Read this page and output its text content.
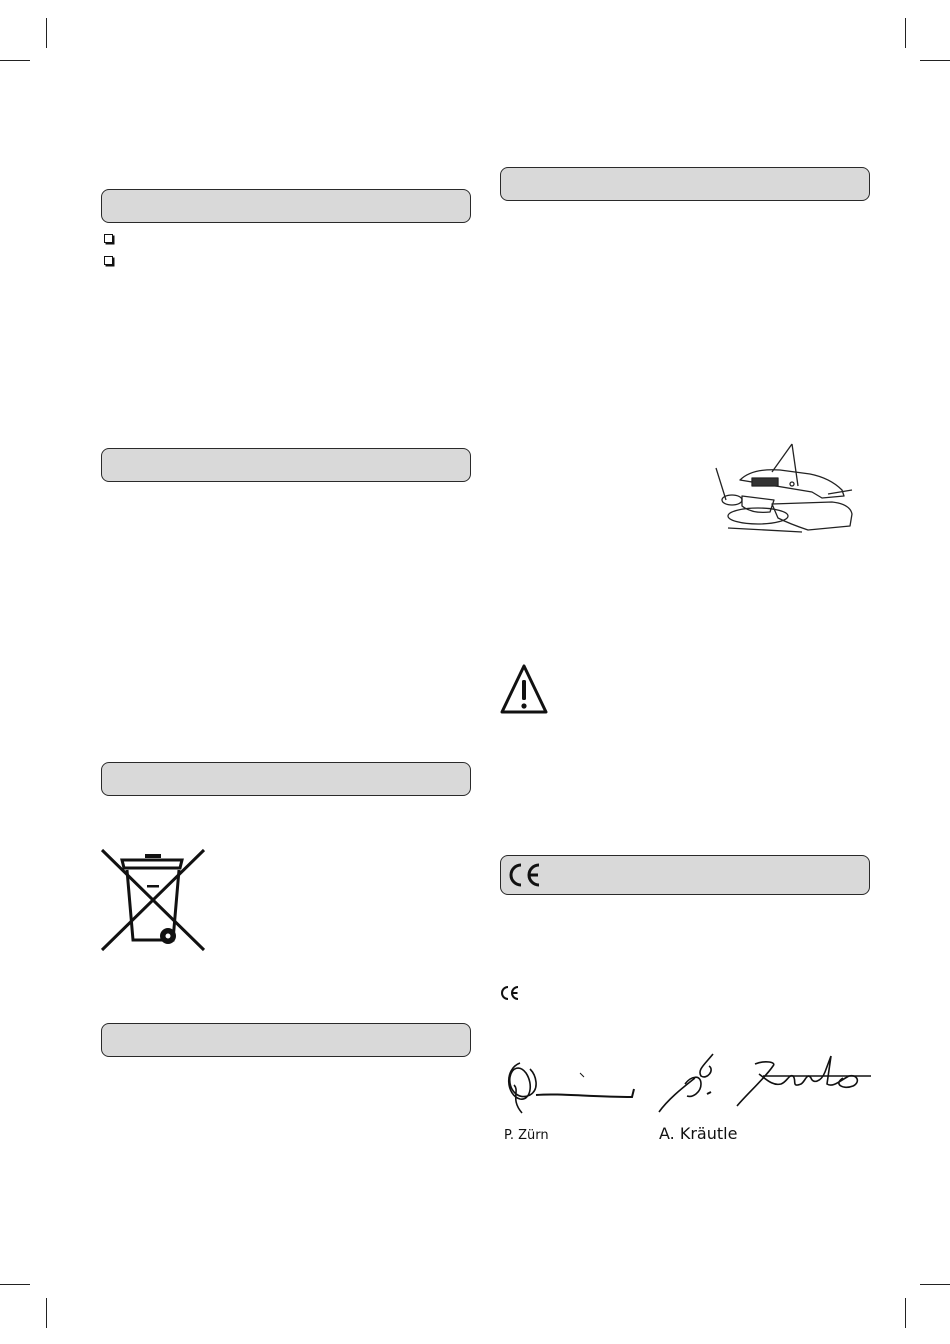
P. Zürn	A. Kräutle
